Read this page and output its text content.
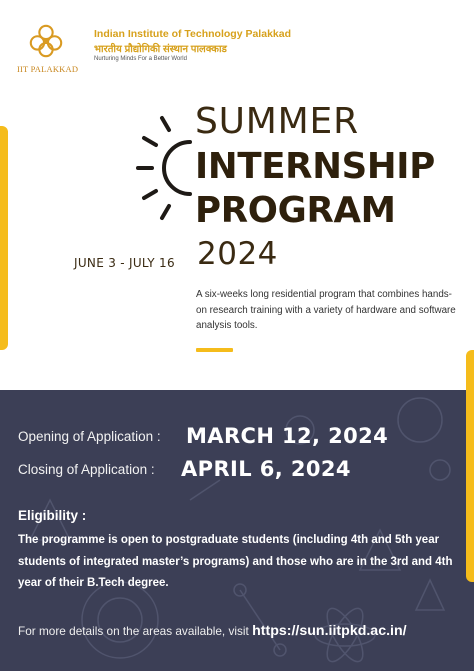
IIT PALAKKAD
Indian Institute of Technology Palakkad
भारतीय प्रौद्योगिकी संस्थान पालक्काड
Nurturing Minds For a Better World
SUMMER
INTERNSHIP
PROGRAM
JUNE 3 - JULY 16 2024
A six-weeks long residential program that combines hands-on research training with a variety of hardware and software analysis tools.
Opening of Application : MARCH 12, 2024
Closing of Application : APRIL 6, 2024
Eligibility :
The programme is open to postgraduate students (including 4th and 5th year students of integrated master’s programs) and those who are in the 3rd and 4th year of their B.Tech degree.
For more details on the areas available, visit https://sun.iitpkd.ac.in/
